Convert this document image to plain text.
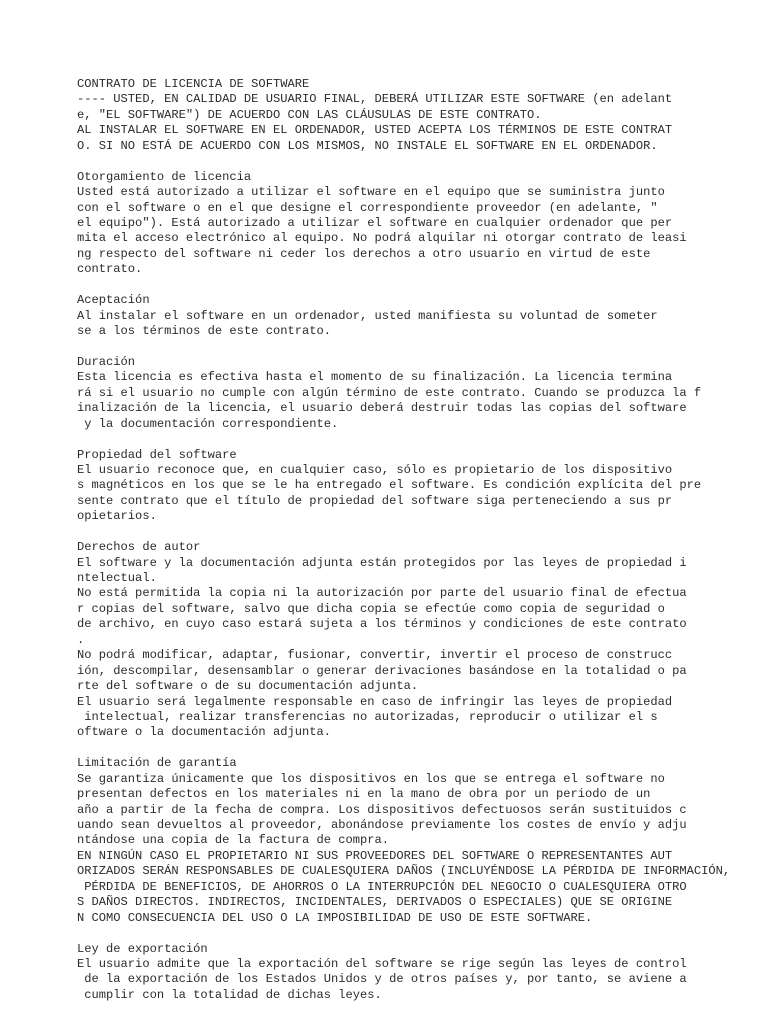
CONTRATO DE LICENCIA DE SOFTWARE
---- USTED, EN CALIDAD DE USUARIO FINAL, DEBERÁ UTILIZAR ESTE SOFTWARE (en adelant
e, "EL SOFTWARE") DE ACUERDO CON LAS CLÁUSULAS DE ESTE CONTRATO.
AL INSTALAR EL SOFTWARE EN EL ORDENADOR, USTED ACEPTA LOS TÉRMINOS DE ESTE CONTRAT
O. SI NO ESTÁ DE ACUERDO CON LOS MISMOS, NO INSTALE EL SOFTWARE EN EL ORDENADOR.
Otorgamiento de licencia
Usted está autorizado a utilizar el software en el equipo que se suministra junto
con el software o en el que designe el correspondiente proveedor (en adelante, "
el equipo"). Está autorizado a utilizar el software en cualquier ordenador que per
mita el acceso electrónico al equipo. No podrá alquilar ni otorgar contrato de leasi
ng respecto del software ni ceder los derechos a otro usuario en virtud de este
contrato.
Aceptación
Al instalar el software en un ordenador, usted manifiesta su voluntad de someter
se a los términos de este contrato.
Duración
Esta licencia es efectiva hasta el momento de su finalización. La licencia termina
rá si el usuario no cumple con algún término de este contrato. Cuando se produzca la f
inalización de la licencia, el usuario deberá destruir todas las copias del software
y la documentación correspondiente.
Propiedad del software
El usuario reconoce que, en cualquier caso, sólo es propietario de los dispositivo
s magnéticos en los que se le ha entregado el software. Es condición explícita del pre
sente contrato que el título de propiedad del software siga perteneciendo a sus pr
opietarios.
Derechos de autor
El software y la documentación adjunta están protegidos por las leyes de propiedad i
ntelectual.
No está permitida la copia ni la autorización por parte del usuario final de efectua
r copias del software, salvo que dicha copia se efectúe como copia de seguridad o
de archivo, en cuyo caso estará sujeta a los términos y condiciones de este contrato
.
No podrá modificar, adaptar, fusionar, convertir, invertir el proceso de construcc
ión, descompilar, desensamblar o generar derivaciones basándose en la totalidad o pa
rte del software o de su documentación adjunta.
El usuario será legalmente responsable en caso de infringir las leyes de propiedad
intelectual, realizar transferencias no autorizadas, reproducir o utilizar el s
oftware o la documentación adjunta.
Limitación de garantía
Se garantiza únicamente que los dispositivos en los que se entrega el software no
presentan defectos en los materiales ni en la mano de obra por un periodo de un
año a partir de la fecha de compra. Los dispositivos defectuosos serán sustituidos c
uando sean devueltos al proveedor, abonándose previamente los costes de envío y adju
ntándose una copia de la factura de compra.
EN NINGÚN CASO EL PROPIETARIO NI SUS PROVEEDORES DEL SOFTWARE O REPRESENTANTES AUT
ORIZADOS SERÁN RESPONSABLES DE CUALESQUIERA DAÑOS (INCLUYÉNDOSE LA PÉRDIDA DE INFORMACIÓN,
PÉRDIDA DE BENEFICIOS, DE AHORROS O LA INTERRUPCIÓN DEL NEGOCIO O CUALESQUIERA OTRO
S DAÑOS DIRECTOS. INDIRECTOS, INCIDENTALES, DERIVADOS O ESPECIALES) QUE SE ORIGINE
N COMO CONSECUENCIA DEL USO O LA IMPOSIBILIDAD DE USO DE ESTE SOFTWARE.
Ley de exportación
El usuario admite que la exportación del software se rige según las leyes de control
de la exportación de los Estados Unidos y de otros países y, por tanto, se aviene a
cumplir con la totalidad de dichas leyes.
